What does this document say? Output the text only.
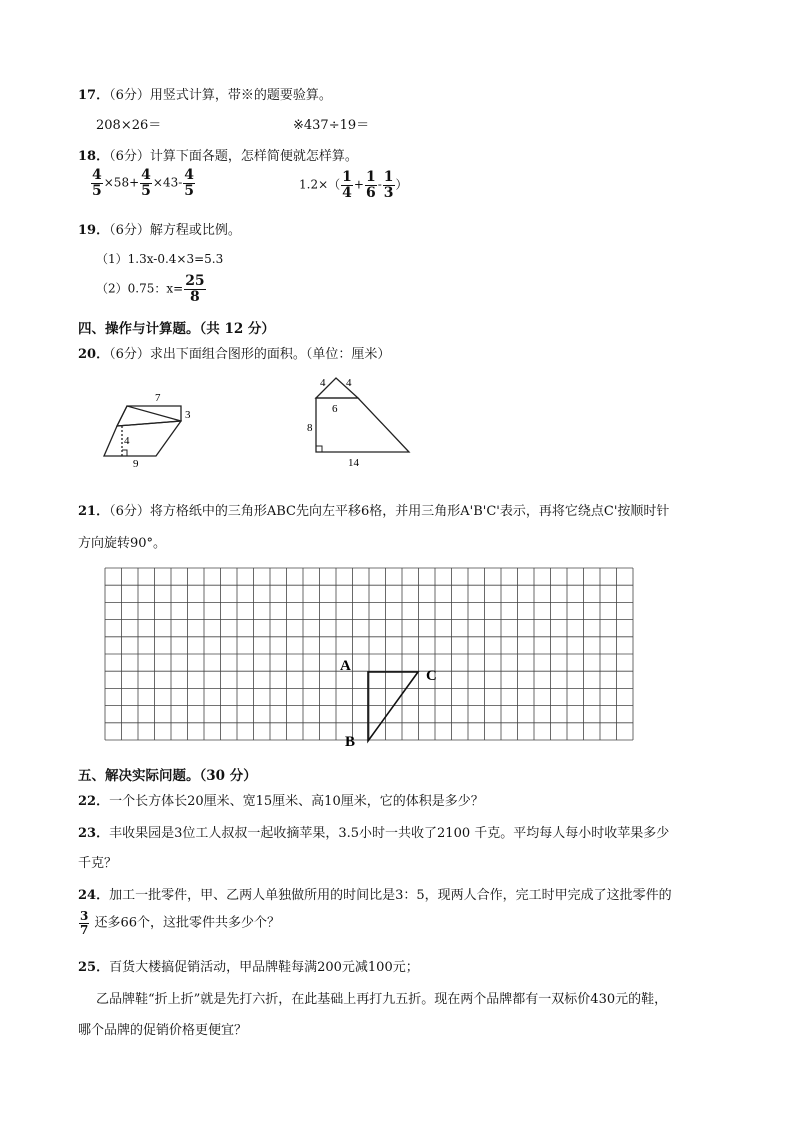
17．（6分）用竖式计算，带※的题要验算。
208×26＝	※437÷19＝
18．（6分）计算下面各题，怎样简便就怎样算。
$\frac{4}{5} \times 58+ \frac{4}{5} \times 43- \frac{4}{5}$	$1.2\times( \frac{1}{4} + \frac{1}{6} - \frac{1}{3}$ ）
19．（6分）解方程或比例。
（1）1.3x-0.4×3=5.3
（2）0.75：$x= \frac{25}{8}$
四、操作与计算题。（共 12 分）
20．（6分）求出下面组合图形的面积。（单位：厘米）
7
3
4
9
4 4
6
8
14
21．（6分）将方格纸中的三角形ABC先向左平移6格，并用三角形A'B'C'表示，再将它绕点C'按顺时针
方向旋转90°。
A
C
B
五、解决实际问题。（30 分）
22．一个长方体长20厘米、宽15厘米、高10厘米，它的体积是多少？
23．丰收果园是3位工人叔叔一起收摘苹果，3.5小时一共收了2100 千克。平均每人每小时收苹果多少
千克？
24．加工一批零件，甲、乙两人单独做所用的时间比是3：5，现两人合作，完工时甲完成了这批零件的
$\frac{3}{7}$ 还多66个，这批零件共多少个？
25．百货大楼搞促销活动，甲品牌鞋每满200元减100元；
乙品牌鞋“折上折”就是先打六折，在此基础上再打九五折。现在两个品牌都有一双标价430元的鞋，
哪个品牌的促销价格更便宜？
